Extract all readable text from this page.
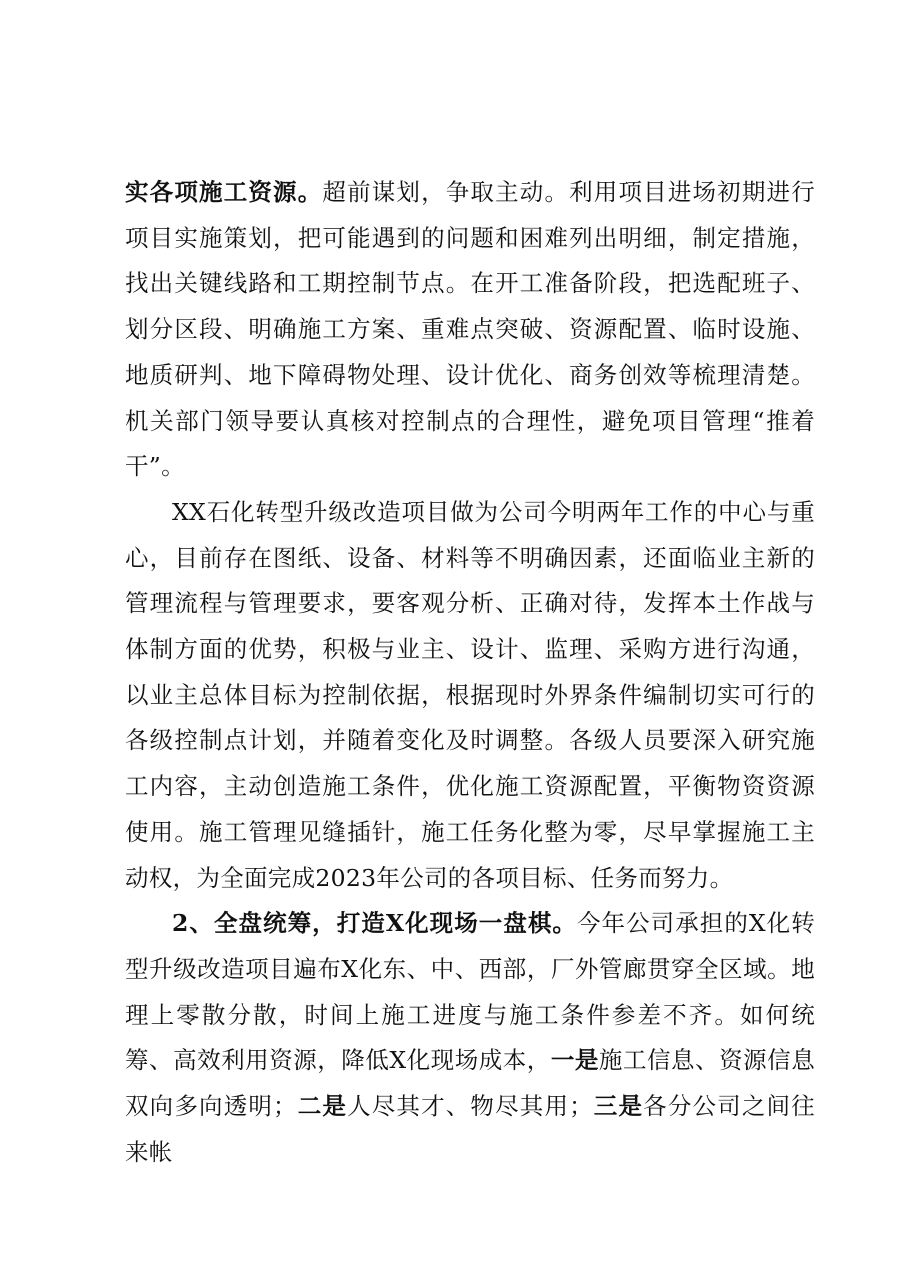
实各项施工资源。超前谋划，争取主动。利用项目进场初期进行项目实施策划，把可能遇到的问题和困难列出明细，制定措施，找出关键线路和工期控制节点。在开工准备阶段，把选配班子、划分区段、明确施工方案、重难点突破、资源配置、临时设施、地质研判、地下障碍物处理、设计优化、商务创效等梳理清楚。机关部门领导要认真核对控制点的合理性，避免项目管理“推着干”。

XX石化转型升级改造项目做为公司今明两年工作的中心与重心，目前存在图纸、设备、材料等不明确因素，还面临业主新的管理流程与管理要求，要客观分析、正确对待，发挥本土作战与体制方面的优势，积极与业主、设计、监理、采购方进行沟通，以业主总体目标为控制依据，根据现时外界条件编制切实可行的各级控制点计划，并随着变化及时调整。各级人员要深入研究施工内容，主动创造施工条件，优化施工资源配置，平衡物资资源使用。施工管理见缝插针，施工任务化整为零，尽早掌握施工主动权，为全面完成2023年公司的各项目标、任务而努力。

2、全盘统筹，打造X化现场一盘棋。今年公司承担的X化转型升级改造项目遍布X化东、中、西部，厂外管廊贯穿全区域。地理上零散分散，时间上施工进度与施工条件参差不齐。如何统筹、高效利用资源，降低X化现场成本，一是施工信息、资源信息双向多向透明；二是人尽其才、物尽其用；三是各分公司之间往来帐
